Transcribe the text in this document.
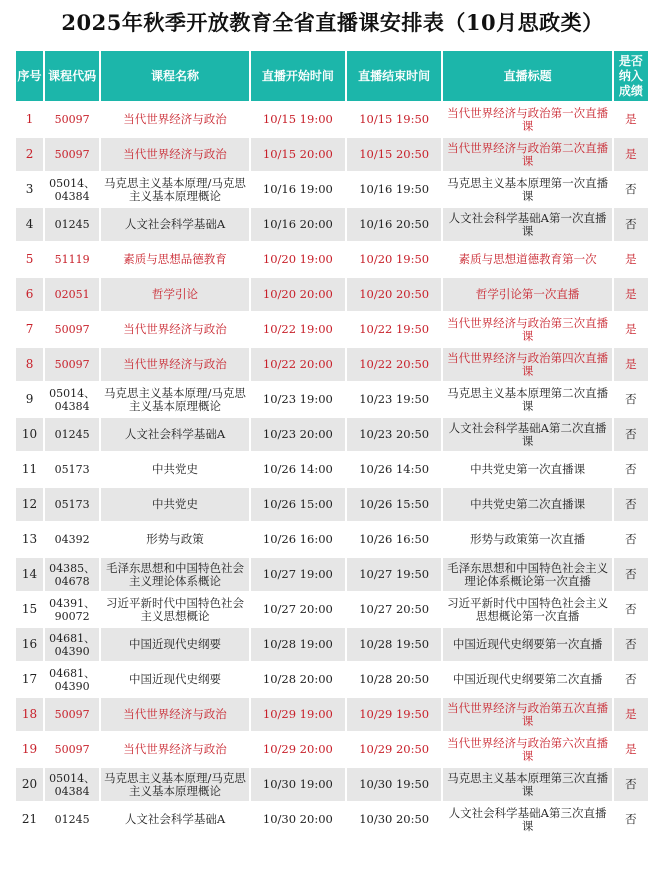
2025年秋季开放教育全省直播课安排表（10月思政类）
序号	课程代码	课程名称	直播开始时间	直播结束时间	直播标题	是否纳入成绩
1	50097	当代世界经济与政治	10/15 19:00	10/15 19:50	当代世界经济与政治第一次直播课	是
2	50097	当代世界经济与政治	10/15 20:00	10/15 20:50	当代世界经济与政治第二次直播课	是
3	05014、04384	马克思主义基本原理/马克思主义基本原理概论	10/16 19:00	10/16 19:50	马克思主义基本原理第一次直播课	否
4	01245	人文社会科学基础A	10/16 20:00	10/16 20:50	人文社会科学基础A第一次直播课	否
5	51119	素质与思想品德教育	10/20 19:00	10/20 19:50	素质与思想道德教育第一次	是
6	02051	哲学引论	10/20 20:00	10/20 20:50	哲学引论第一次直播	是
7	50097	当代世界经济与政治	10/22 19:00	10/22 19:50	当代世界经济与政治第三次直播课	是
8	50097	当代世界经济与政治	10/22 20:00	10/22 20:50	当代世界经济与政治第四次直播课	是
9	05014、04384	马克思主义基本原理/马克思主义基本原理概论	10/23 19:00	10/23 19:50	马克思主义基本原理第二次直播课	否
10	01245	人文社会科学基础A	10/23 20:00	10/23 20:50	人文社会科学基础A第二次直播课	否
11	05173	中共党史	10/26 14:00	10/26 14:50	中共党史第一次直播课	否
12	05173	中共党史	10/26 15:00	10/26 15:50	中共党史第二次直播课	否
13	04392	形势与政策	10/26 16:00	10/26 16:50	形势与政策第一次直播	否
14	04385、04678	毛泽东思想和中国特色社会主义理论体系概论	10/27 19:00	10/27 19:50	毛泽东思想和中国特色社会主义理论体系概论第一次直播	否
15	04391、90072	习近平新时代中国特色社会主义思想概论	10/27 20:00	10/27 20:50	习近平新时代中国特色社会主义思想概论第一次直播	否
16	04681、04390	中国近现代史纲要	10/28 19:00	10/28 19:50	中国近现代史纲要第一次直播	否
17	04681、04390	中国近现代史纲要	10/28 20:00	10/28 20:50	中国近现代史纲要第二次直播	否
18	50097	当代世界经济与政治	10/29 19:00	10/29 19:50	当代世界经济与政治第五次直播课	是
19	50097	当代世界经济与政治	10/29 20:00	10/29 20:50	当代世界经济与政治第六次直播课	是
20	05014、04384	马克思主义基本原理/马克思主义基本原理概论	10/30 19:00	10/30 19:50	马克思主义基本原理第三次直播课	否
21	01245	人文社会科学基础A	10/30 20:00	10/30 20:50	人文社会科学基础A第三次直播课	否
